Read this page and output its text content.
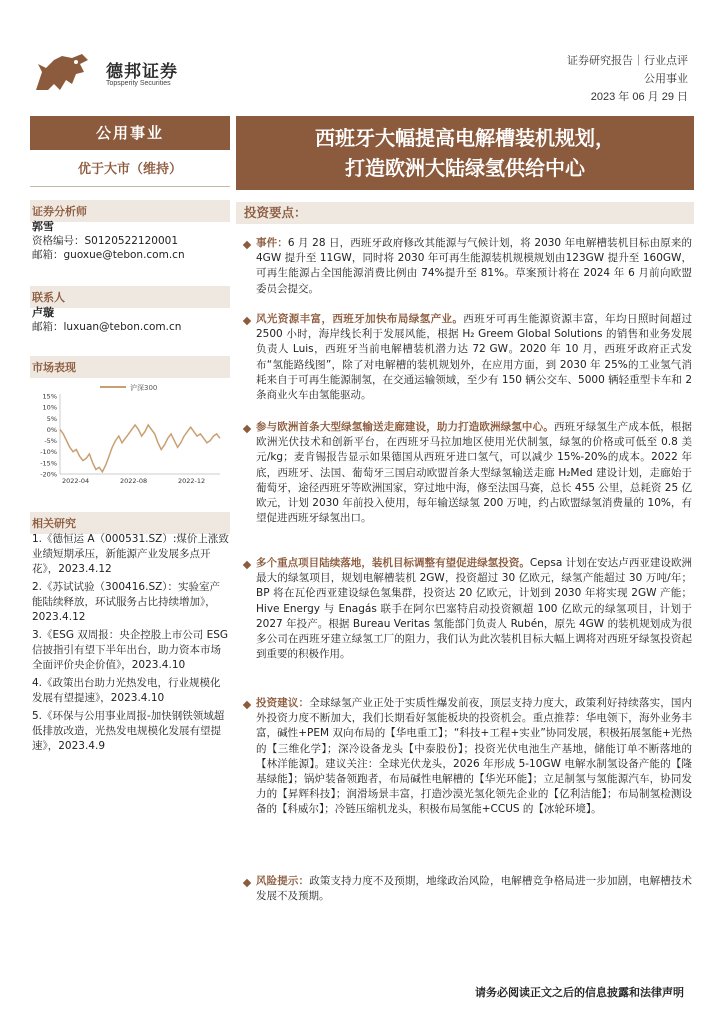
德邦证券
Topsperity Securities
证券研究报告｜行业点评
公用事业
2023 年 06 月 29 日
公用事业
优于大市（维持）
西班牙大幅提高电解槽装机规划，
打造欧洲大陆绿氢供给中心
证券分析师
郭雪
资格编号：S0120522120001
邮箱：guoxue@tebon.com.cn
联系人
卢璇
邮箱：luxuan@tebon.com.cn
市场表现
沪深300
15%
10%
5%
0%
-5%
-10%
-15%
-20%
2022-04	2022-08	2022-12
相关研究
1.《德恒运 A（000531.SZ）:煤价上涨致业绩短期承压，新能源产业发展多点开花》，2023.4.12
2.《苏试试验（300416.SZ）：实验室产能陆续释放，环试服务占比持续增加》，2023.4.12
3.《ESG 双周报：央企控股上市公司 ESG 信披指引有望下半年出台，助力资本市场全面评价央企价值》，2023.4.10
4.《政策出台助力光热发电，行业规模化发展有望提速》，2023.4.10
5.《环保与公用事业周报-加快钢铁领域超低排放改造，光热发电规模化发展有望提速》，2023.4.9
投资要点：
事件：6 月 28 日，西班牙政府修改其能源与气候计划，将 2030 年电解槽装机目标由原来的 4GW 提升至 11GW，同时将 2030 年可再生能源装机规模规划由123GW 提升至 160GW，可再生能源占全国能源消费比例由 74%提升至 81%。草案预计将在 2024 年 6 月前向欧盟委员会提交。
风光资源丰富，西班牙加快布局绿氢产业。西班牙可再生能源资源丰富，年均日照时间超过 2500 小时，海岸线长利于发展风能，根据 H₂ Greem Global Solutions 的销售和业务发展负责人 Luis，西班牙当前电解槽装机潜力达 72 GW。2020 年 10 月，西班牙政府正式发布“氢能路线图”，除了对电解槽的装机规划外，在应用方面，到 2030 年 25%的工业氢气消耗来自于可再生能源制氢，在交通运输领域，至少有 150 辆公交车、5000 辆轻重型卡车和 2 条商业火车由氢能驱动。
参与欧洲首条大型绿氢输送走廊建设，助力打造欧洲绿氢中心。西班牙绿氢生产成本低，根据欧洲光伏技术和创新平台，在西班牙马拉加地区使用光伏制氢，绿氢的价格或可低至 0.8 美元/kg；麦肯锡报告显示如果德国从西班牙进口氢气，可以减少 15%-20%的成本。2022 年底，西班牙、法国、葡萄牙三国启动欧盟首条大型绿氢输送走廊 H₂Med 建设计划，走廊始于葡萄牙，途径西班牙等欧洲国家，穿过地中海，修至法国马赛，总长 455 公里，总耗资 25 亿欧元，计划 2030 年前投入使用，每年输送绿氢 200 万吨，约占欧盟绿氢消费量的 10%，有望促进西班牙绿氢出口。
多个重点项目陆续落地，装机目标调整有望促进绿氢投资。Cepsa 计划在安达卢西亚建设欧洲最大的绿氢项目，规划电解槽装机 2GW，投资超过 30 亿欧元，绿氢产能超过 30 万吨/年；BP 将在瓦伦西亚建设绿色氢集群，投资达 20 亿欧元，计划到 2030 年将实现 2GW 产能；Hive Energy 与 Enagás 联手在阿尔巴塞特启动投资额超 100 亿欧元的绿氢项目，计划于 2027 年投产。根据 Bureau Veritas 氢能部门负责人 Rubén，原先 4GW 的装机规划成为很多公司在西班牙建立绿氢工厂的阻力，我们认为此次装机目标大幅上调将对西班牙绿氢投资起到重要的积极作用。
投资建议：全球绿氢产业正处于实质性爆发前夜，顶层支持力度大，政策利好持续落实，国内外投资力度不断加大，我们长期看好氢能板块的投资机会。重点推荐：华电领下，海外业务丰富，碱性+PEM 双向布局的【华电重工】；“科技+工程+实业”协同发展，积极拓展氢能+光热的【三维化学】；深冷设备龙头【中泰股份】；投资光伏电池生产基地，储能订单不断落地的【林洋能源】。建议关注：全球光伏龙头，2026 年形成 5-10GW 电解水制氢设备产能的【隆基绿能】；锅炉装备领跑者，布局碱性电解槽的【华光环能】；立足制氢与氢能源汽车，协同发力的【昇辉科技】；润滑场景丰富，打造沙漠光氢化领先企业的【亿利洁能】；布局制氢检测设备的【科威尔】；冷链压缩机龙头，积极布局氢能+CCUS 的【冰轮环境】。
风险提示：政策支持力度不及预期，地缘政治风险，电解槽竞争格局进一步加剧，电解槽技术发展不及预期。
请务必阅读正文之后的信息披露和法律声明
